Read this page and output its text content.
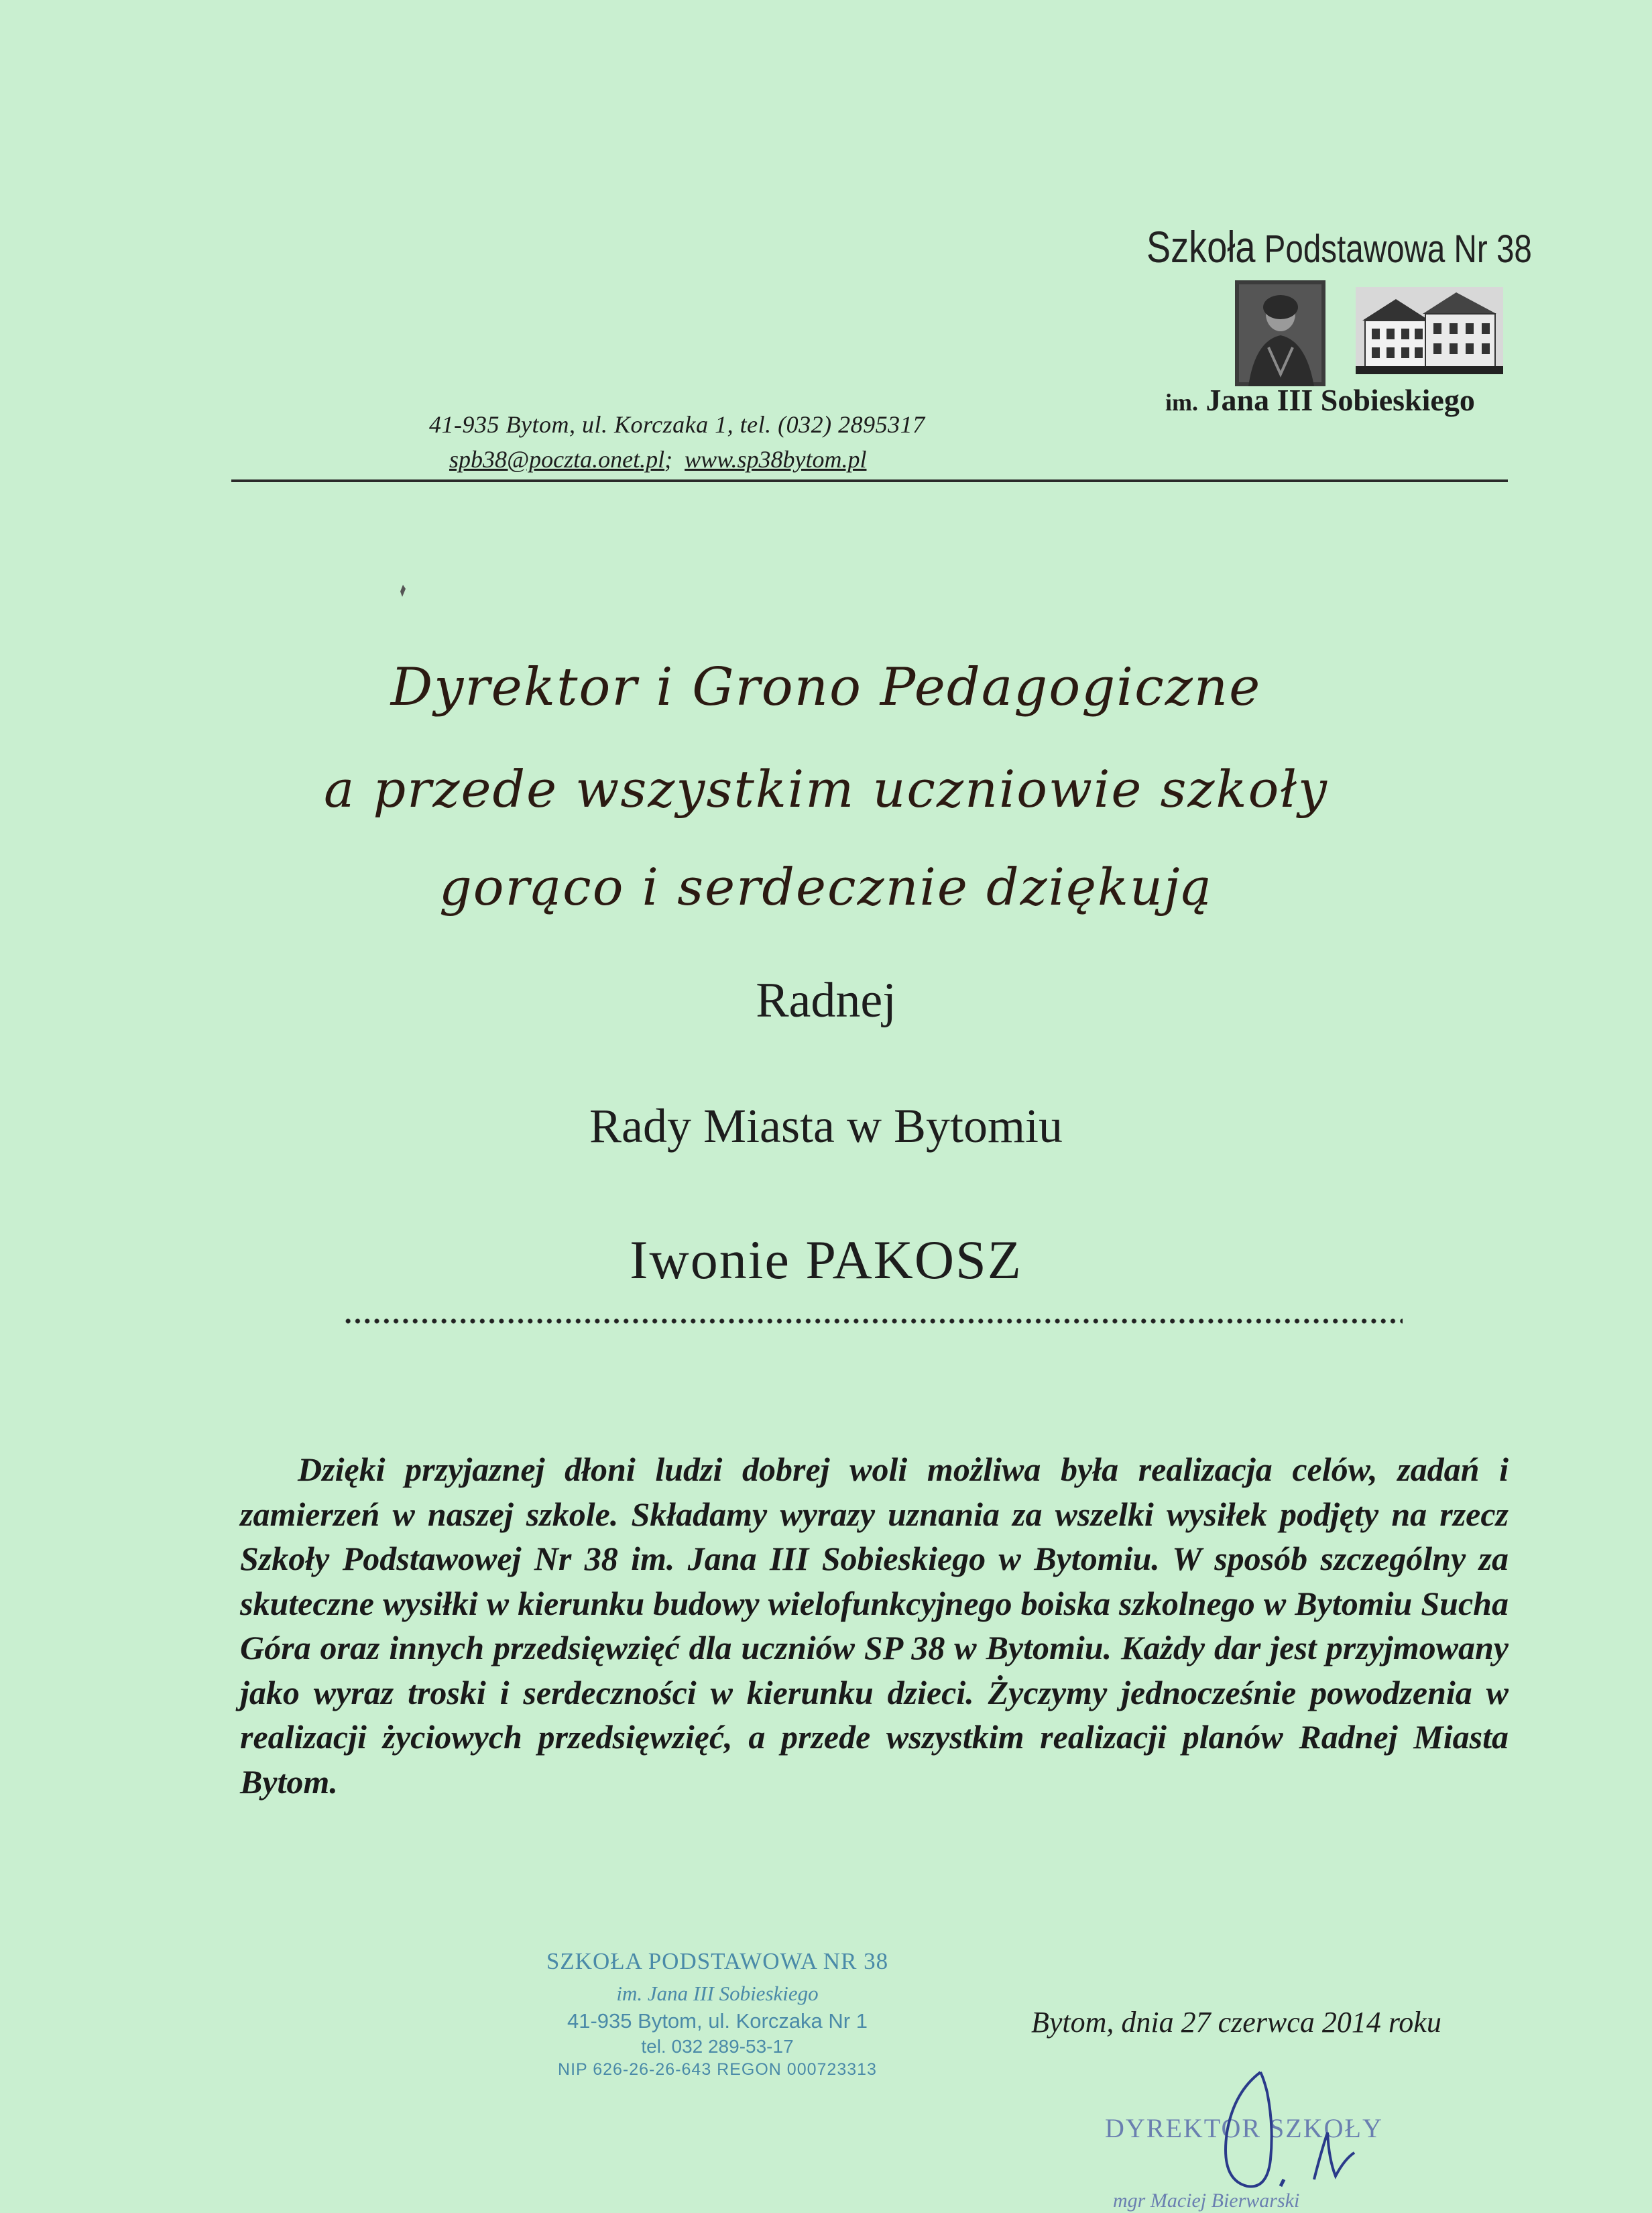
Szkoła Podstawowa Nr 38
im. Jana III Sobieskiego
41-935 Bytom, ul. Korczaka 1, tel. (032) 2895317
spb38@poczta.onet.pl; www.sp38bytom.pl
Dyrektor i Grono Pedagogiczne
a przede wszystkim uczniowie szkoły
gorąco i serdecznie dziękują
Radnej
Rady Miasta w Bytomiu
Iwonie PAKOSZ
Dzięki przyjaznej dłoni ludzi dobrej woli możliwa była realizacja celów, zadań i zamierzeń w naszej szkole. Składamy wyrazy uznania za wszelki wysiłek podjęty na rzecz Szkoły Podstawowej Nr 38 im. Jana III Sobieskiego w Bytomiu. W sposób szczególny za skuteczne wysiłki w kierunku budowy wielofunkcyjnego boiska szkolnego w Bytomiu Sucha Góra oraz innych przedsięwzięć dla uczniów SP 38 w Bytomiu. Każdy dar jest przyjmowany jako wyraz troski i serdeczności w kierunku dzieci. Życzymy jednocześnie powodzenia w realizacji życiowych przedsięwzięć, a przede wszystkim realizacji planów Radnej Miasta Bytom.
SZKOŁA PODSTAWOWA NR 38
im. Jana III Sobieskiego
41-935 Bytom, ul. Korczaka Nr 1
tel. 032 289-53-17
NIP 626-26-26-643 REGON 000723313
Bytom, dnia 27 czerwca 2014 roku
DYREKTOR SZKOŁY
mgr Maciej Bierwarski
